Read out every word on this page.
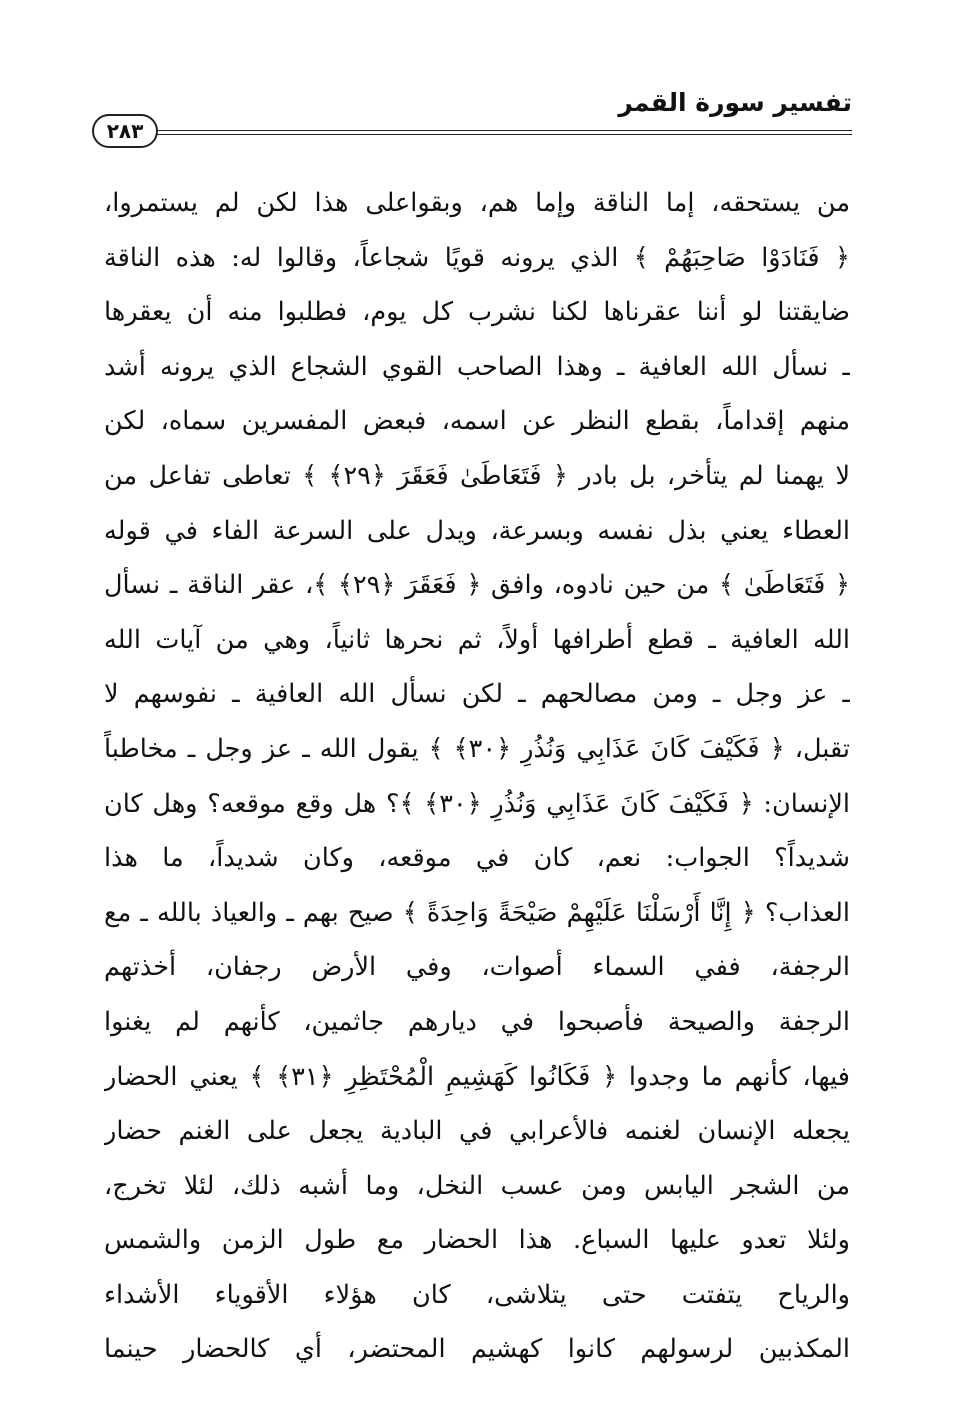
تفسير سورة القمر
٢٨٣
من يستحقه، إما الناقة وإما هم، وبقواعلى هذا لكن لم يستمروا،
﴿ فَنَادَوْا صَاحِبَهُمْ ﴾ الذي يرونه قويًا شجاعاً، وقالوا له: هذه الناقة
ضايقتنا لو أننا عقرناها لكنا نشرب كل يوم، فطلبوا منه أن يعقرها
ـ نسأل الله العافية ـ وهذا الصاحب القوي الشجاع الذي يرونه أشد
منهم إقداماً، بقطع النظر عن اسمه، فبعض المفسرين سماه، لكن
لا يهمنا لم يتأخر، بل بادر ﴿ فَتَعَاطَىٰ فَعَقَرَ ﴿٢٩﴾ ﴾ تعاطى تفاعل من
العطاء يعني بذل نفسه وبسرعة، ويدل على السرعة الفاء في قوله
﴿ فَتَعَاطَىٰ ﴾ من حين نادوه، وافق ﴿ فَعَقَرَ ﴿٢٩﴾ ﴾، عقر الناقة ـ نسأل
الله العافية ـ قطع أطرافها أولاً، ثم نحرها ثانياً، وهي من آيات الله
ـ عز وجل ـ ومن مصالحهم ـ لكن نسأل الله العافية ـ نفوسهم لا
تقبل، ﴿ فَكَيْفَ كَانَ عَذَابِي وَنُذُرِ ﴿٣٠﴾ ﴾ يقول الله ـ عز وجل ـ مخاطباً
الإنسان: ﴿ فَكَيْفَ كَانَ عَذَابِي وَنُذُرِ ﴿٣٠﴾ ﴾؟ هل وقع موقعه؟ وهل كان
شديداً؟ الجواب: نعم، كان في موقعه، وكان شديداً، ما هذا
العذاب؟ ﴿ إِنَّا أَرْسَلْنَا عَلَيْهِمْ صَيْحَةً وَاحِدَةً ﴾ صيح بهم ـ والعياذ بالله ـ مع
الرجفة، ففي السماء أصوات، وفي الأرض رجفان، أخذتهم
الرجفة والصيحة فأصبحوا في ديارهم جاثمين، كأنهم لم يغنوا
فيها، كأنهم ما وجدوا ﴿ فَكَانُوا كَهَشِيمِ الْمُحْتَظِرِ ﴿٣١﴾ ﴾ يعني الحضار
يجعله الإنسان لغنمه فالأعرابي في البادية يجعل على الغنم حضار
من الشجر اليابس ومن عسب النخل، وما أشبه ذلك، لئلا تخرج،
ولئلا تعدو عليها السباع. هذا الحضار مع طول الزمن والشمس
والرياح يتفتت حتى يتلاشى، كان هؤلاء الأقوياء الأشداء
المكذبين لرسولهم كانوا كهشيم المحتضر، أي كالحضار حينما
